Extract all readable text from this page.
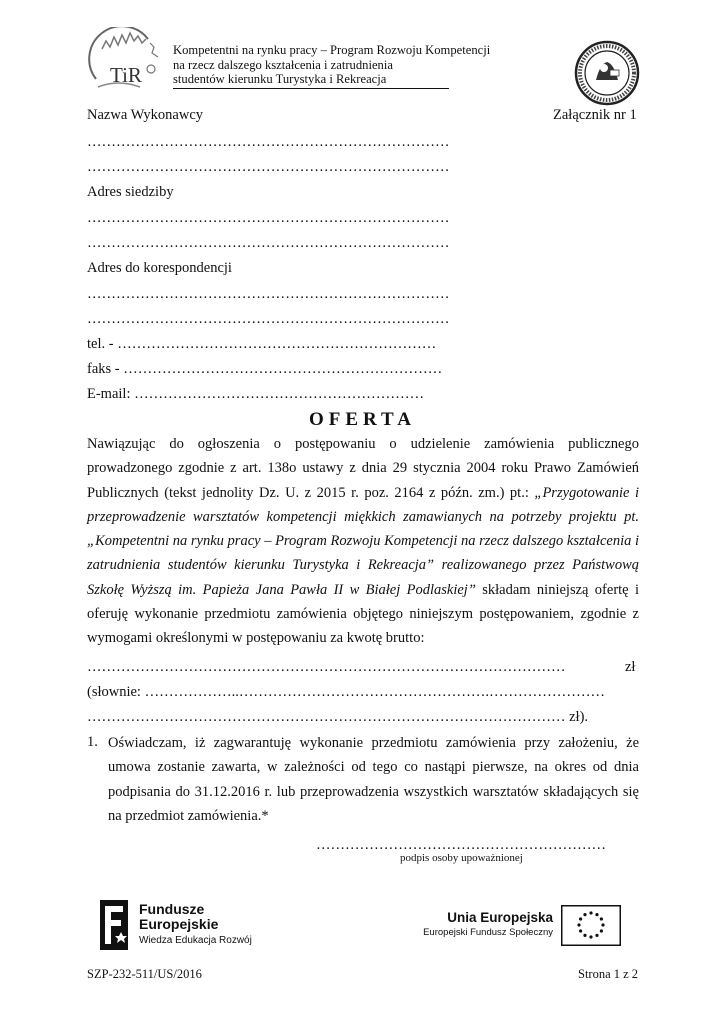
TiR
Kompetentni na rynku pracy – Program Rozwoju Kompetencji
na rzecz dalszego kształcenia i zatrudnienia
studentów kierunku Turystyka i Rekreacja
Nazwa Wykonawcy	Załącznik nr 1
…………………………………………………………………
…………………………………………………………………
Adres siedziby
…………………………………………………………………
…………………………………………………………………
Adres do korespondencji
…………………………………………………………………
…………………………………………………………………
tel. - …………………………………………………………
faks - …………………………………………………………
E-mail: ……………………………………………………
OFERTA
Nawiązując do ogłoszenia o postępowaniu o udzielenie zamówienia publicznego prowadzonego zgodnie z art. 138o ustawy z dnia 29 stycznia 2004 roku Prawo Zamówień Publicznych (tekst jednolity Dz. U. z 2015 r. poz. 2164 z późn. zm.) pt.: „Przygotowanie i przeprowadzenie warsztatów kompetencji miękkich zamawianych na potrzeby projektu pt. „Kompetentni na rynku pracy – Program Rozwoju Kompetencji na rzecz dalszego kształcenia i zatrudnienia studentów kierunku Turystyka i Rekreacja” realizowanego przez Państwową Szkołę Wyższą im. Papieża Jana Pawła II w Białej Podlaskiej” składam niniejszą ofertę i oferuję wykonanie przedmiotu zamówienia objętego niniejszym postępowaniem, zgodnie z wymogami określonymi w postępowaniu za kwotę brutto:
………………………………………………………………………………………	zł
(słownie: ………………..…………………………………………….……………………
……………………………………………………………………………………… zł).
1. Oświadczam, iż zagwarantuję wykonanie przedmiotu zamówienia przy założeniu, że umowa zostanie zawarta, w zależności od tego co nastąpi pierwsze, na okres od dnia podpisania do 31.12.2016 r. lub przeprowadzenia wszystkich warsztatów składających się na przedmiot zamówienia.*
……………………………………………………
podpis osoby upoważnionej
Fundusze
Europejskie
Wiedza Edukacja Rozwój
Unia Europejska
Europejski Fundusz Społeczny
SZP-232-511/US/2016	Strona 1 z 2
